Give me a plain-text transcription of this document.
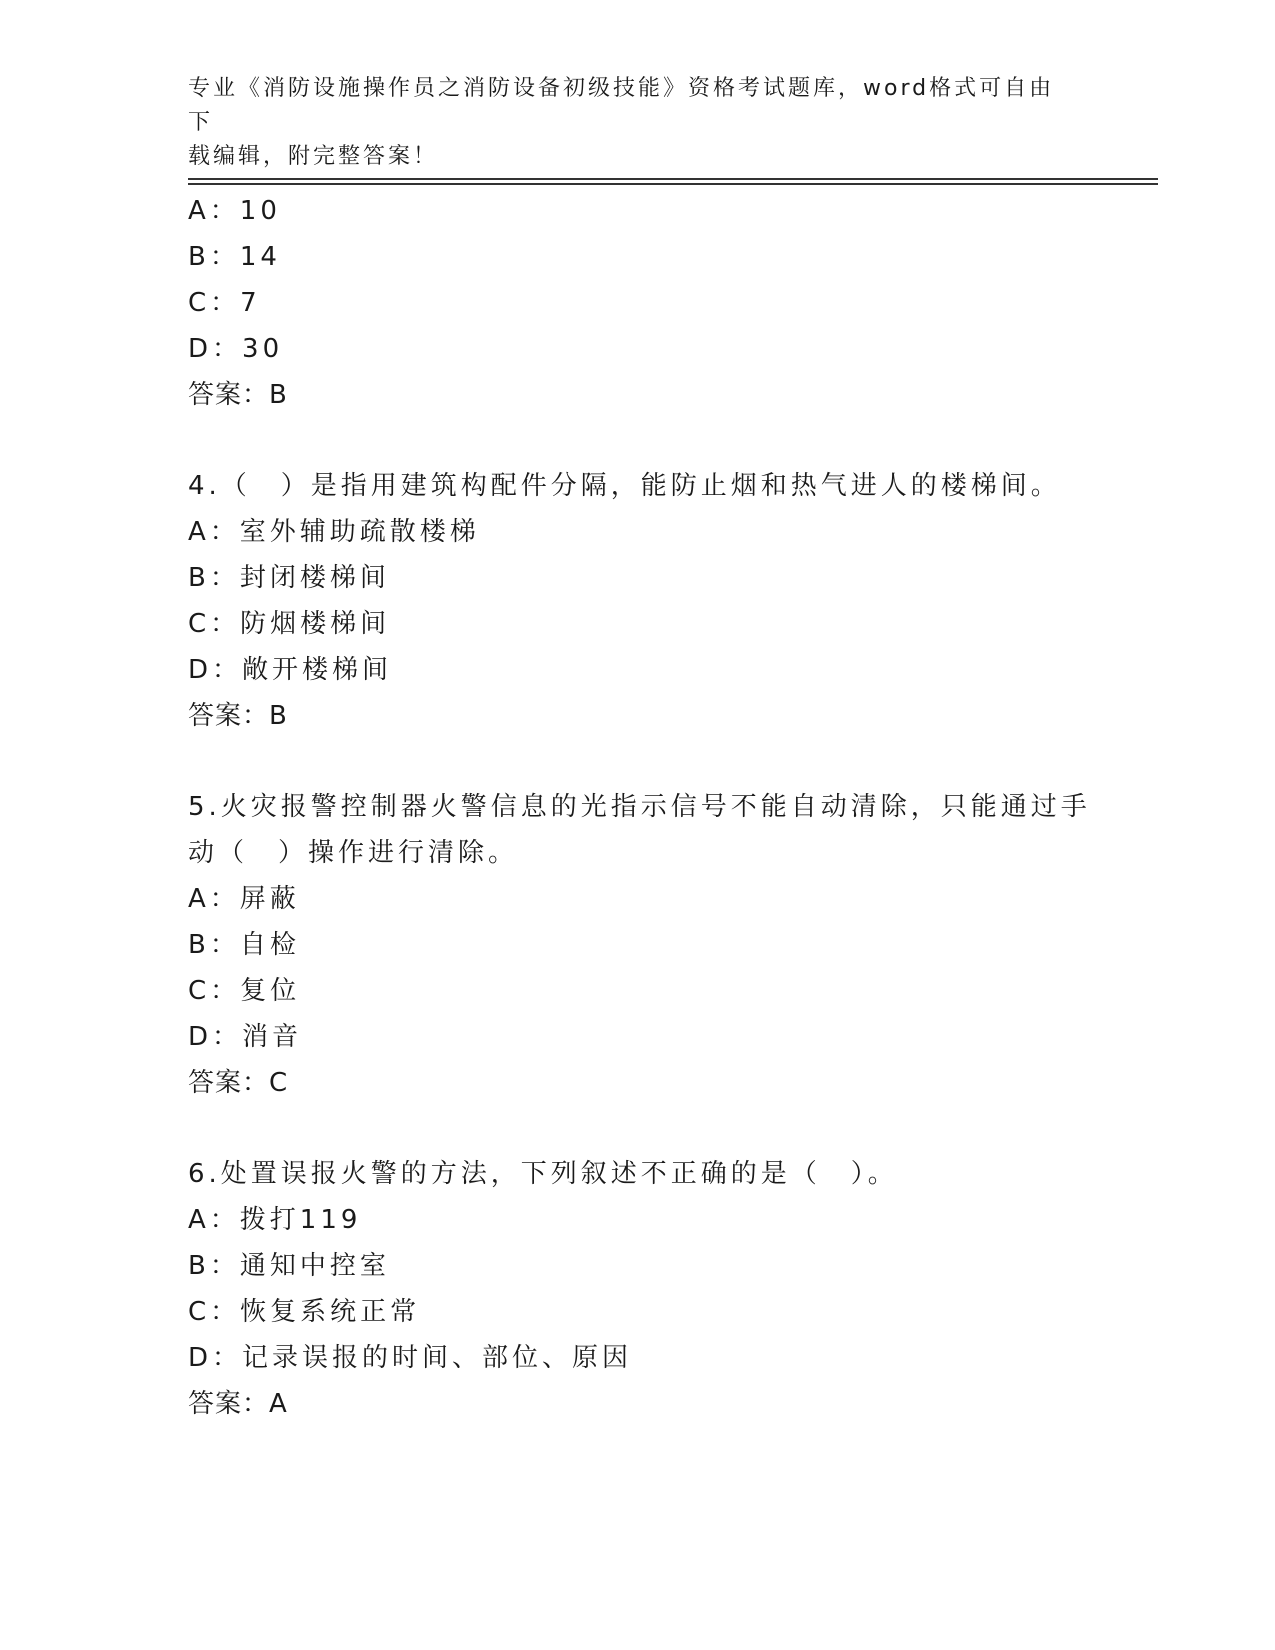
专业《消防设施操作员之消防设备初级技能》资格考试题库，word格式可自由下
载编辑，附完整答案！
A：10
B：14
C：7
D：30
答案：B
4.（　）是指用建筑构配件分隔，能防止烟和热气进人的楼梯间。
A：室外辅助疏散楼梯
B：封闭楼梯间
C：防烟楼梯间
D：敞开楼梯间
答案：B
5.火灾报警控制器火警信息的光指示信号不能自动清除，只能通过手
动（　）操作进行清除。
A：屏蔽
B：自检
C：复位
D：消音
答案：C
6.处置误报火警的方法，下列叙述不正确的是（　）。
A：拨打119
B：通知中控室
C：恢复系统正常
D：记录误报的时间、部位、原因
答案：A
